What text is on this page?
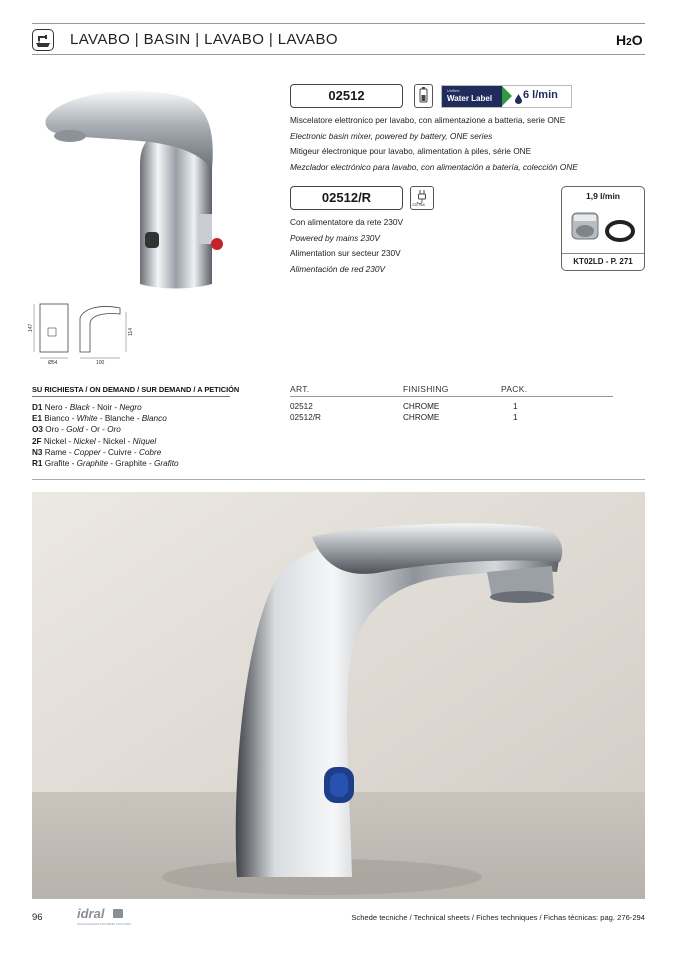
LAVABO | BASIN | LAVABO | LAVABO	H2O
147
114
Ø54	100
02512	Unified
Water Label	6 l/min
Miscelatore elettronico per lavabo, con alimentazione a batteria, serie ONE
Electronic basin mixer, powered by battery, ONE series
Mitigeur électronique pour lavabo, alimentation à piles, série ONE
Mezclador electrónico para lavabo, con alimentación a batería, colección ONE
02512/R	230 volt
Con alimentatore da rete 230V
Powered by mains 230V
Alimentation sur secteur 230V
Alimentación de red 230V
1,9 l/min
KT02LD - P. 271
SU RICHIESTA / ON DEMAND / SUR DEMAND / A PETICIÓN
D1 Nero - Black - Noir - Negro
E1 Bianco - White - Blanche - Blanco
O3 Oro - Gold - Or - Oro
2F Nickel - Nickel - Nickel - Níquel
N3 Rame - Copper - Cuivre - Cobre
R1 Grafite - Graphite - Graphite - Grafito
ART.	FINISHING	PACK.
02512	CHROME	1
02512/R	CHROME	1
96	idral
ITALIAN FAUCETS FOR WATER SOLUTIONS
Schede tecniche / Technical sheets / Fiches techniques / Fichas técnicas: pag. 276-294
